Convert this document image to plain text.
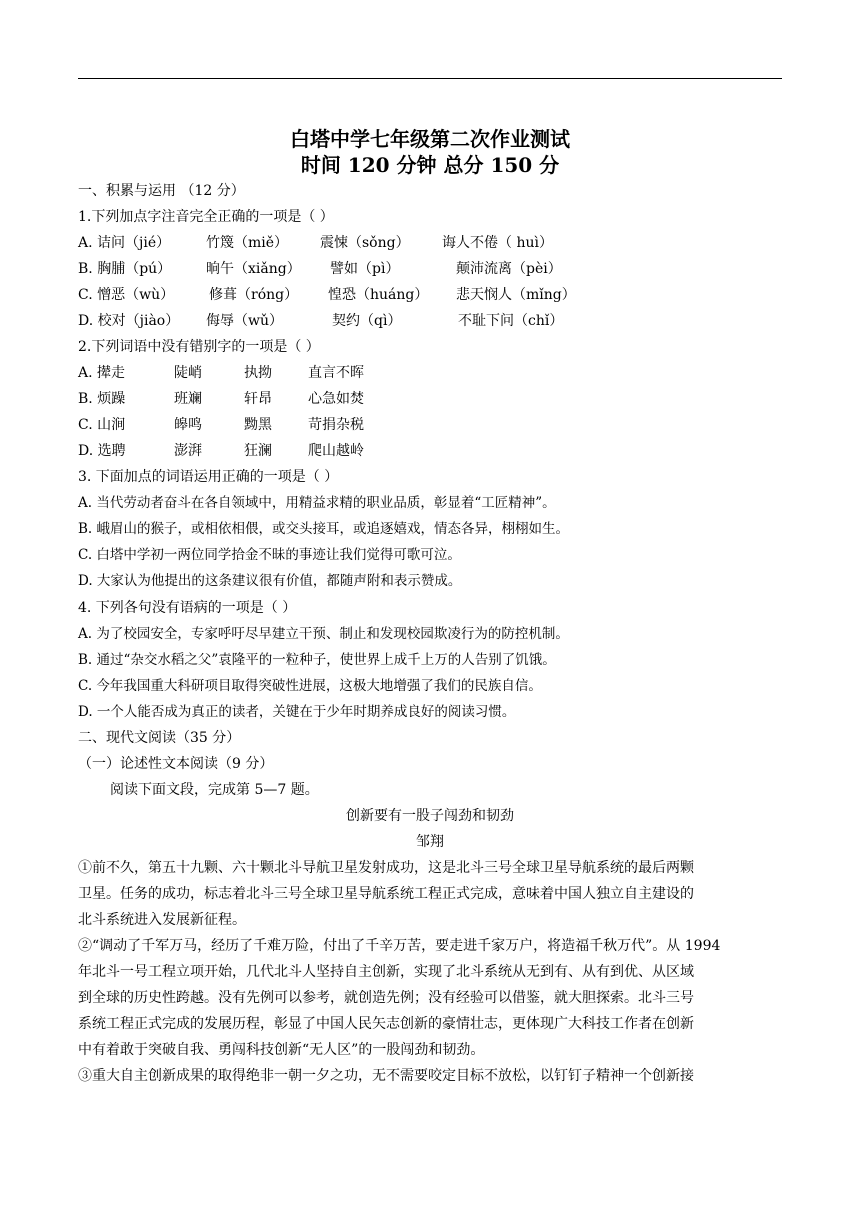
白塔中学七年级第二次作业测试
时间 120 分钟 总分 150 分
一、积累与运用 （12 分）
1.下列加点字注音完全正确的一项是（ ）
A. 诘问（jié）	竹篾（miě） 震悚（sǒng） 诲人不倦（ huì）
B. 胸脯（pú） 晌午（xiǎng） 譬如（pì）	颠沛流离（pèi）
C. 憎恶（wù） 修葺（róng） 惶恐（huáng） 悲天悯人（mǐng）
D. 校对（jiào） 侮辱（wǔ）	契约（qì）	不耻下问（chǐ）
2.下列词语中没有错别字的一项是（ ）
A. 撵走	陡峭	执拗	直言不晖
B. 烦躁	班斓	轩昂	心急如焚
C. 山涧	皞鸣	黝黑	苛捐杂税
D. 选聘	澎湃	狂澜	爬山越岭
3. 下面加点的词语运用正确的一项是（ ）
A. 当代劳动者奋斗在各自领域中，用精益求精的职业品质，彰显着“工匠精神”。
B. 峨眉山的猴子，或相依相偎，或交头接耳，或追逐嬉戏，情态各异，栩栩如生。
C. 白塔中学初一两位同学拾金不昧的事迹让我们觉得可歌可泣。
D. 大家认为他提出的这条建议很有价值，都随声附和表示赞成。
4. 下列各句没有语病的一项是（ ）
A. 为了校园安全，专家呼吁尽早建立干预、制止和发现校园欺凌行为的防控机制。
B. 通过“杂交水稻之父”袁隆平的一粒种子，使世界上成千上万的人告别了饥饿。
C. 今年我国重大科研项目取得突破性进展，这极大地增强了我们的民族自信。
D. 一个人能否成为真正的读者，关键在于少年时期养成良好的阅读习惯。
二、现代文阅读（35 分）
（一）论述性文本阅读（9 分）
阅读下面文段，完成第 5—7 题。
创新要有一股子闯劲和韧劲
邹翔
①前不久，第五十九颗、六十颗北斗导航卫星发射成功，这是北斗三号全球卫星导航系统的最后两颗
卫星。任务的成功，标志着北斗三号全球卫星导航系统工程正式完成，意味着中国人独立自主建设的
北斗系统进入发展新征程。
②“调动了千军万马，经历了千难万险，付出了千辛万苦，要走进千家万户，将造福千秋万代”。从 1994
年北斗一号工程立项开始，几代北斗人坚持自主创新，实现了北斗系统从无到有、从有到优、从区域
到全球的历史性跨越。没有先例可以参考，就创造先例；没有经验可以借鉴，就大胆探索。北斗三号
系统工程正式完成的发展历程，彰显了中国人民矢志创新的豪情壮志，更体现广大科技工作者在创新
中有着敢于突破自我、勇闯科技创新“无人区”的一股闯劲和韧劲。
③重大自主创新成果的取得绝非一朝一夕之功，无不需要咬定目标不放松，以钉钉子精神一个创新接
